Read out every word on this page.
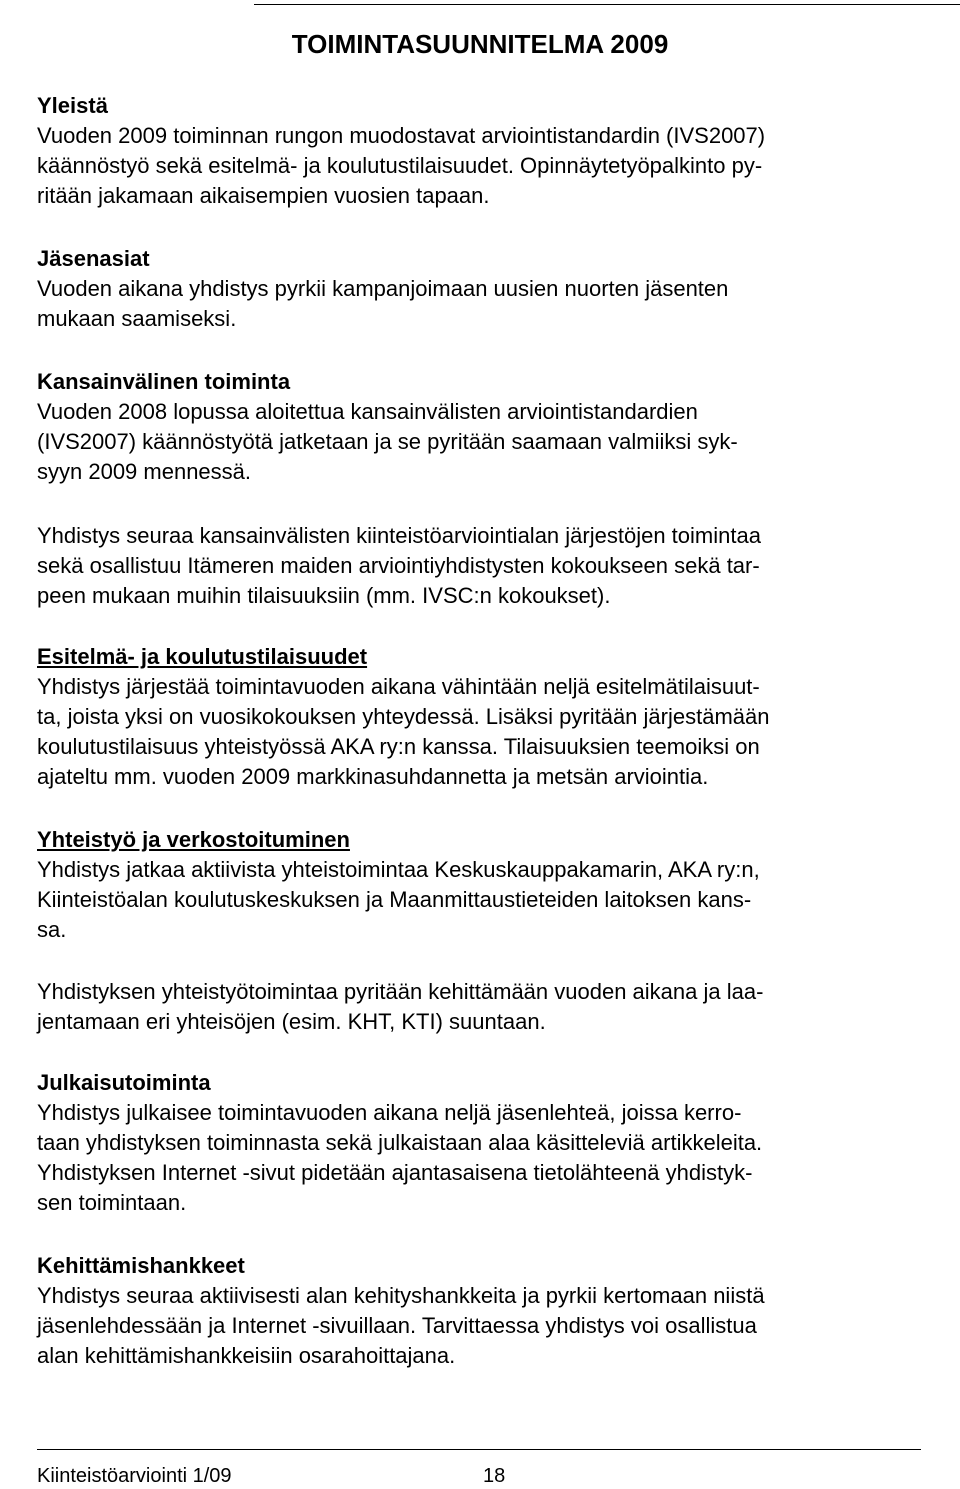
TOIMINTASUUNNITELMA 2009
Yleistä

Vuoden 2009 toiminnan rungon muodostavat arviointistandardin (IVS2007)

käännöstyö sekä esitelmä- ja koulutustilaisuudet. Opinnäytetyöpalkinto py-

ritään jakamaan aikaisempien vuosien tapaan.

Jäsenasiat

Vuoden aikana yhdistys pyrkii kampanjoimaan uusien nuorten jäsenten

mukaan saamiseksi.

Kansainvälinen toiminta

Vuoden 2008 lopussa aloitettua kansainvälisten arviointistandardien

(IVS2007) käännöstyötä jatketaan ja se pyritään saamaan valmiiksi syk-

syyn 2009 mennessä.

Yhdistys seuraa kansainvälisten kiinteistöarviointialan järjestöjen toimintaa

sekä osallistuu Itämeren maiden arviointiyhdistysten kokoukseen sekä tar-

peen mukaan muihin tilaisuuksiin (mm. IVSC:n kokoukset).

Esitelmä- ja koulutustilaisuudet

Yhdistys järjestää toimintavuoden aikana vähintään neljä esitelmätilaisuut-

ta, joista yksi on vuosikokouksen yhteydessä. Lisäksi pyritään järjestämään

koulutustilaisuus yhteistyössä AKA ry:n kanssa. Tilaisuuksien teemoiksi on

ajateltu mm. vuoden 2009 markkinasuhdannetta ja metsän arviointia.

Yhteistyö ja verkostoituminen

Yhdistys jatkaa aktiivista yhteistoimintaa Keskuskauppakamarin, AKA ry:n,

Kiinteistöalan koulutuskeskuksen ja Maanmittaustieteiden laitoksen kans-

sa.

Yhdistyksen yhteistyötoimintaa pyritään kehittämään vuoden aikana ja laa-

jentamaan eri yhteisöjen (esim. KHT, KTI) suuntaan.

Julkaisutoiminta

Yhdistys julkaisee toimintavuoden aikana neljä jäsenlehteä, joissa kerro-

taan yhdistyksen toiminnasta sekä julkaistaan alaa käsitteleviä artikkeleita.

Yhdistyksen Internet -sivut pidetään ajantasaisena tietolähteenä yhdistyk-

sen toimintaan.

Kehittämishankkeet

Yhdistys seuraa aktiivisesti alan kehityshankkeita ja pyrkii kertomaan niistä

jäsenlehdessään ja Internet -sivuillaan. Tarvittaessa yhdistys voi osallistua

alan kehittämishankkeisiin osarahoittajana.

Kiinteistöarviointi 1/09	18
